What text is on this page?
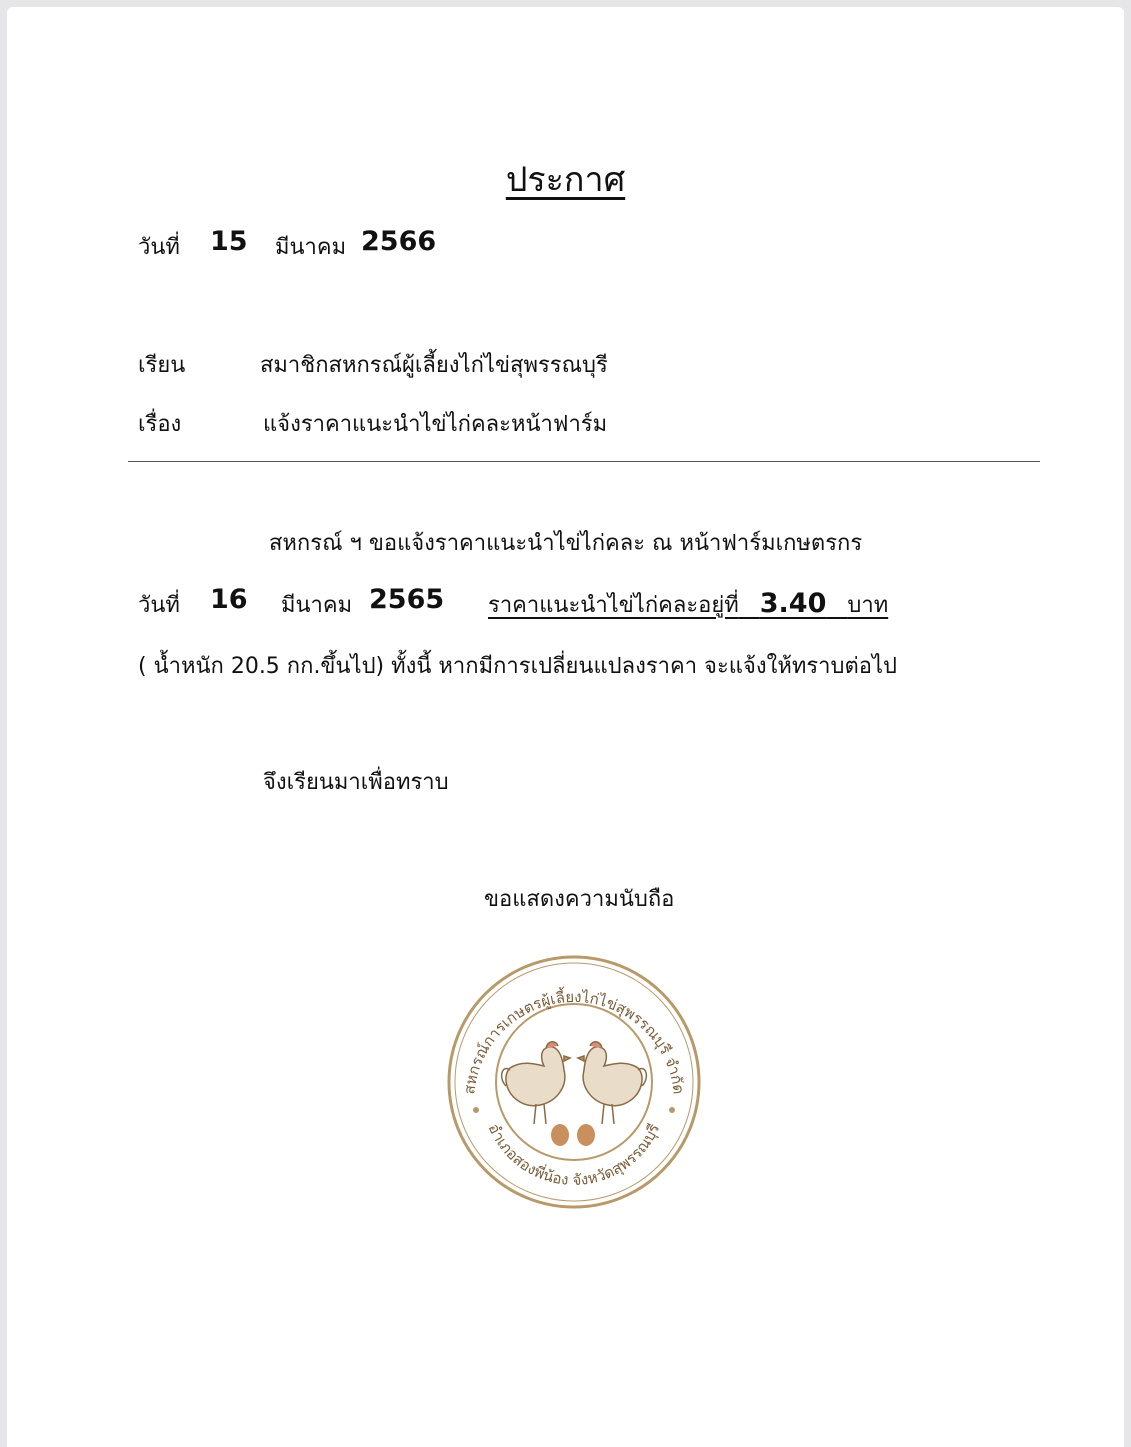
ประกาศ
วันที่ 15 มีนาคม 2566
เรียน	สมาชิกสหกรณ์ผู้เลี้ยงไก่ไข่สุพรรณบุรี
เรื่อง	แจ้งราคาแนะนำไข่ไก่คละหน้าฟาร์ม
สหกรณ์ ฯ ขอแจ้งราคาแนะนำไข่ไก่คละ ณ หน้าฟาร์มเกษตรกร
วันที่ 16 มีนาคม 2565 ราคาแนะนำไข่ไก่คละอยู่ที่ 3.40 บาท
( น้ำหนัก 20.5 กก.ขึ้นไป) ทั้งนี้ หากมีการเปลี่ยนแปลงราคา จะแจ้งให้ทราบต่อไป
จึงเรียนมาเพื่อทราบ
ขอแสดงความนับถือ
สหกรณ์การเกษตรผู้เลี้ยงไก่ไข่สุพรรณบุรี จำกัด
อำเภอสองพี่น้อง จังหวัดสุพรรณบุรี
